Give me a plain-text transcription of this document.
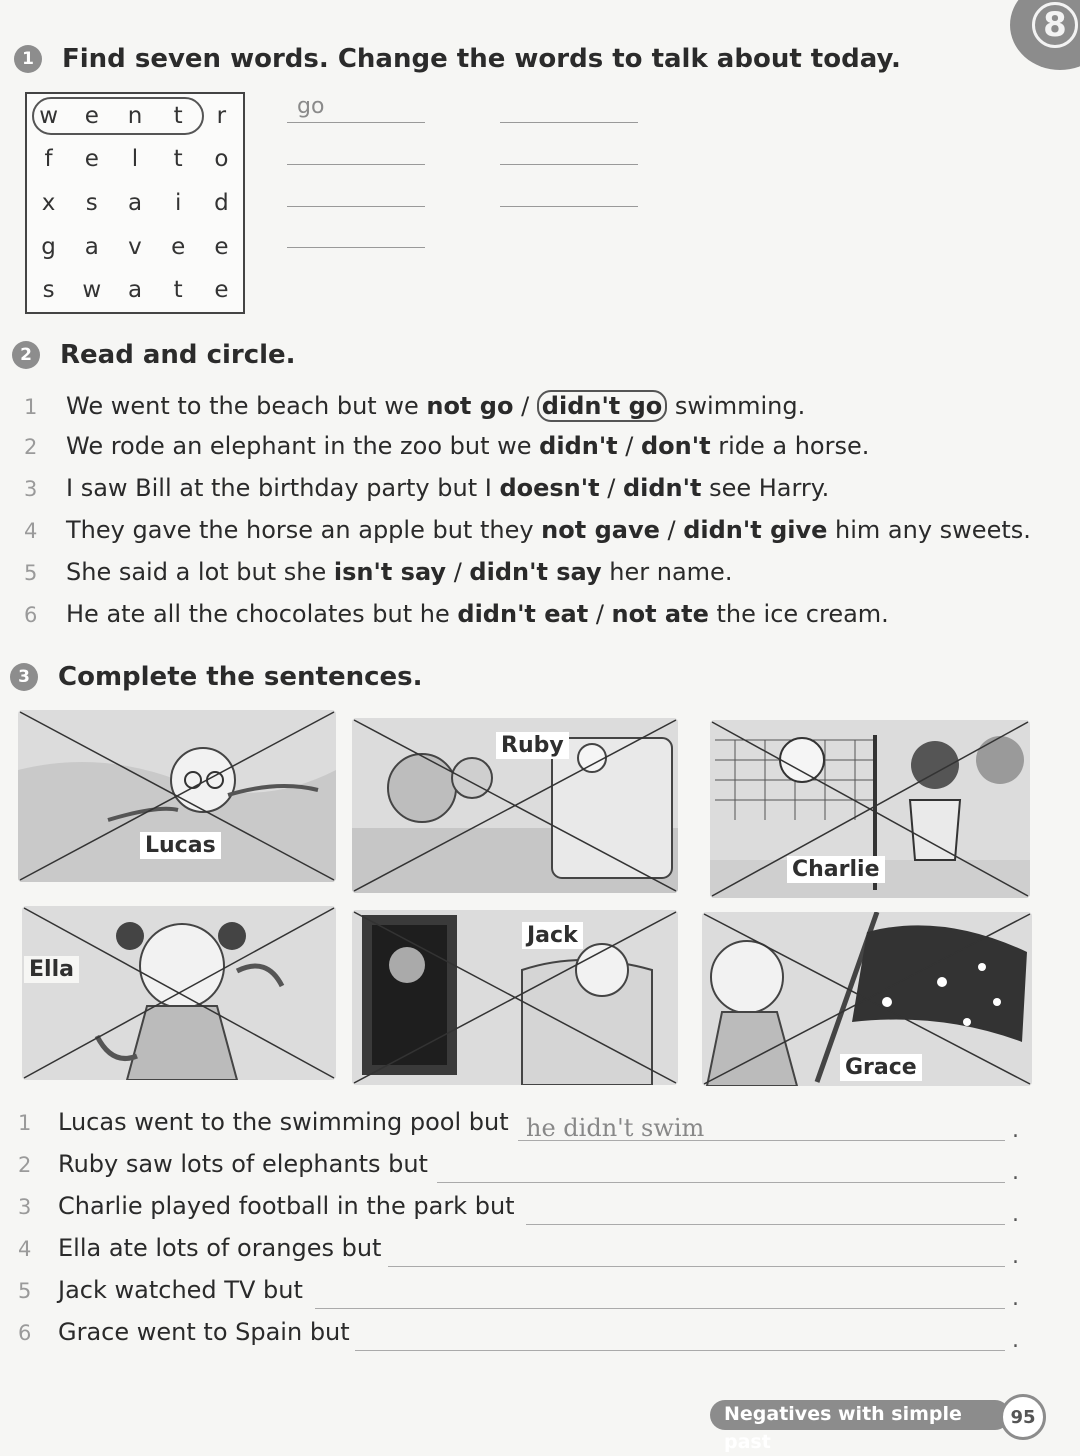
8
1	Find seven words. Change the words to talk about today.
w	e	n	t	r
f	e	l	t	o
x	s	a	i	d
g	a	v	e	e
s	w	a	t	e
go
2	Read and circle.
1	We went to the beach but we not go / didn't go swimming.
2	We rode an elephant in the zoo but we didn't / don't ride a horse.
3	I saw Bill at the birthday party but I doesn't / didn't see Harry.
4	They gave the horse an apple but they not gave / didn't give him any sweets.
5	She said a lot but she isn't say / didn't say her name.
6	He ate all the chocolates but he didn't eat / not ate the ice cream.
3	Complete the sentences.
Lucas
Ruby
Charlie
Ella
Jack
Grace
1	Lucas went to the swimming pool but he didn't swim	.
2	Ruby saw lots of elephants but	.
3	Charlie played football in the park but	.
4	Ella ate lots of oranges but	.
5	Jack watched TV but	.
6	Grace went to Spain but	.
Negatives with simple past
95
